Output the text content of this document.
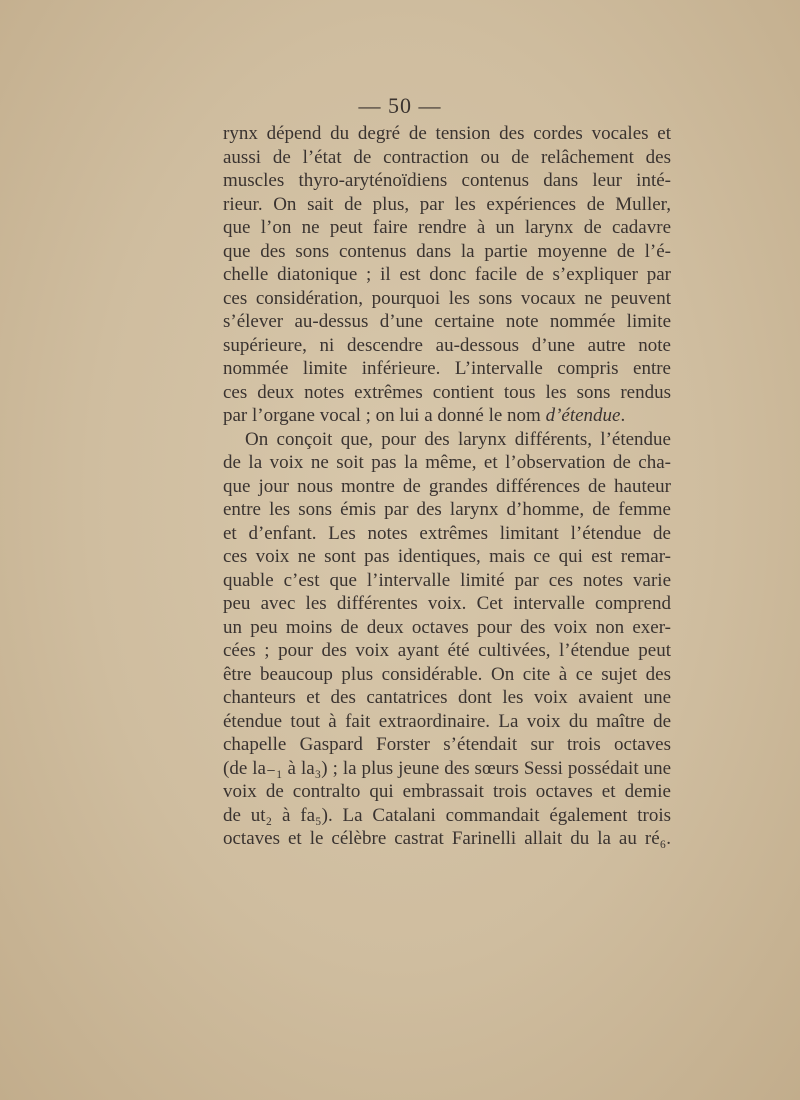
— 50 —
rynx dépend du degré de tension des cordes vocales et
aussi de l’état de contraction ou de relâchement des
muscles thyro-aryténoïdiens contenus dans leur inté-
rieur. On sait de plus, par les expériences de Muller,
que l’on ne peut faire rendre à un larynx de cadavre
que des sons contenus dans la partie moyenne de l’é-
chelle diatonique ; il est donc facile de s’expliquer par
ces considération, pourquoi les sons vocaux ne peuvent
s’élever au-dessus d’une certaine note nommée limite
supérieure, ni descendre au-dessous d’une autre note
nommée limite inférieure. L’intervalle compris entre
ces deux notes extrêmes contient tous les sons rendus
par l’organe vocal ; on lui a donné le nom d’étendue.
On conçoit que, pour des larynx différents, l’étendue
de la voix ne soit pas la même, et l’observation de cha-
que jour nous montre de grandes différences de hauteur
entre les sons émis par des larynx d’homme, de femme
et d’enfant. Les notes extrêmes limitant l’étendue de
ces voix ne sont pas identiques, mais ce qui est remar-
quable c’est que l’intervalle limité par ces notes varie
peu avec les différentes voix. Cet intervalle comprend
un peu moins de deux octaves pour des voix non exer-
cées ; pour des voix ayant été cultivées, l’étendue peut
être beaucoup plus considérable. On cite à ce sujet des
chanteurs et des cantatrices dont les voix avaient une
étendue tout à fait extraordinaire. La voix du maître de
chapelle Gaspard Forster s’étendait sur trois octaves
(de la₋₁ à la₃) ; la plus jeune des sœurs Sessi possédait une
voix de contralto qui embrassait trois octaves et demie
de ut₂ à fa₅). La Catalani commandait également trois
octaves et le célèbre castrat Farinelli allait du la au ré₆.
